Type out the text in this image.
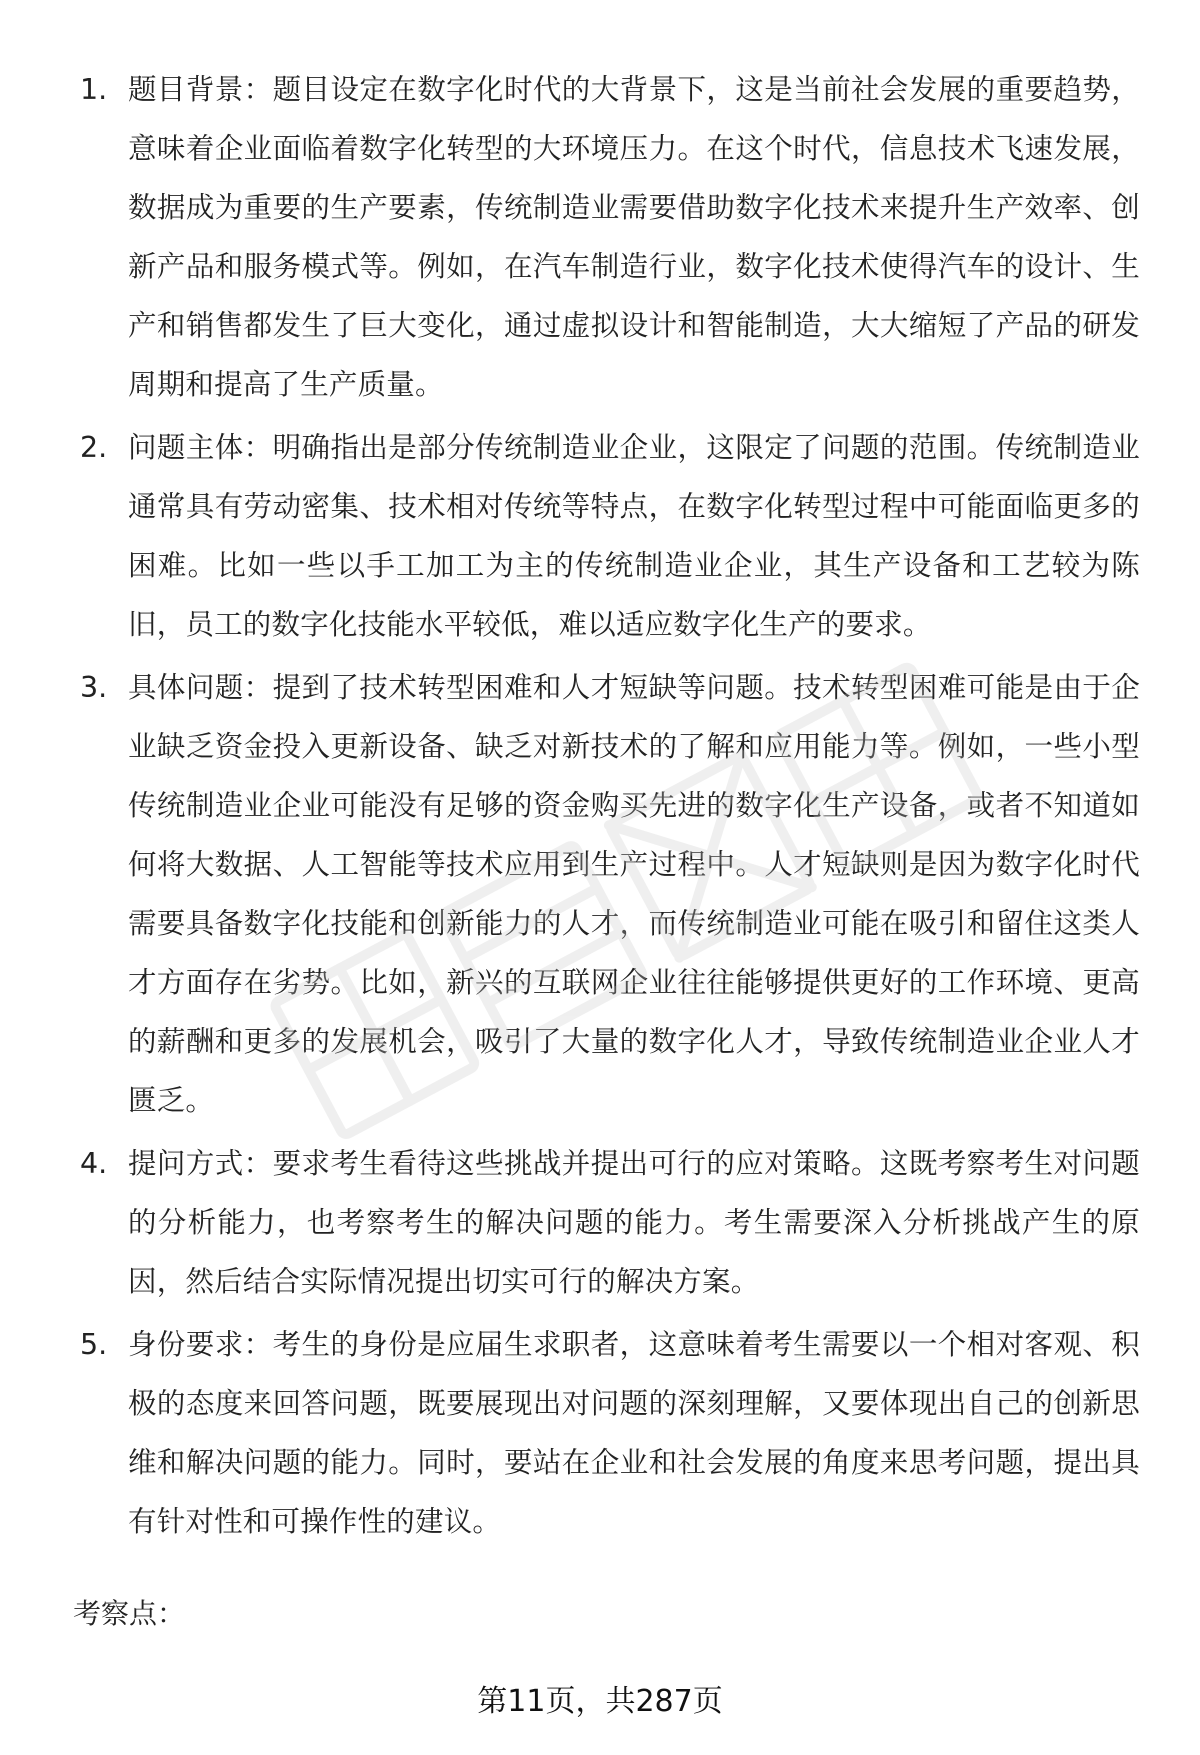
1. 题目背景：题目设定在数字化时代的大背景下，这是当前社会发展的重要趋势，意味着企业面临着数字化转型的大环境压力。在这个时代，信息技术飞速发展，数据成为重要的生产要素，传统制造业需要借助数字化技术来提升生产效率、创新产品和服务模式等。例如，在汽车制造行业，数字化技术使得汽车的设计、生产和销售都发生了巨大变化，通过虚拟设计和智能制造，大大缩短了产品的研发周期和提高了生产质量。
2. 问题主体：明确指出是部分传统制造业企业，这限定了问题的范围。传统制造业通常具有劳动密集、技术相对传统等特点，在数字化转型过程中可能面临更多的困难。比如一些以手工加工为主的传统制造业企业，其生产设备和工艺较为陈旧，员工的数字化技能水平较低，难以适应数字化生产的要求。
3. 具体问题：提到了技术转型困难和人才短缺等问题。技术转型困难可能是由于企业缺乏资金投入更新设备、缺乏对新技术的了解和应用能力等。例如，一些小型传统制造业企业可能没有足够的资金购买先进的数字化生产设备，或者不知道如何将大数据、人工智能等技术应用到生产过程中。人才短缺则是因为数字化时代需要具备数字化技能和创新能力的人才，而传统制造业可能在吸引和留住这类人才方面存在劣势。比如，新兴的互联网企业往往能够提供更好的工作环境、更高的薪酬和更多的发展机会，吸引了大量的数字化人才，导致传统制造业企业人才匮乏。
4. 提问方式：要求考生看待这些挑战并提出可行的应对策略。这既考察考生对问题的分析能力，也考察考生的解决问题的能力。考生需要深入分析挑战产生的原因，然后结合实际情况提出切实可行的解决方案。
5. 身份要求：考生的身份是应届生求职者，这意味着考生需要以一个相对客观、积极的态度来回答问题，既要展现出对问题的深刻理解，又要体现出自己的创新思维和解决问题的能力。同时，要站在企业和社会发展的角度来思考问题，提出具有针对性和可操作性的建议。
考察点：
第11页，共287页
